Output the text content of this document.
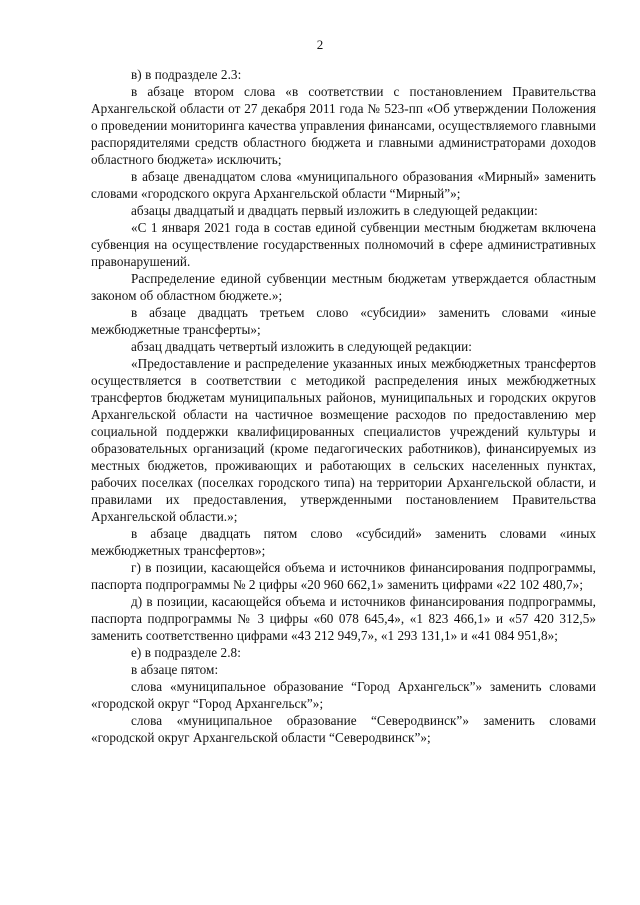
2

в) в подразделе 2.3:

в абзаце втором слова «в соответствии с постановлением Правительства Архангельской области от 27 декабря 2011 года № 523-пп «Об утверждении Положения о проведении мониторинга качества управления финансами, осуществляемого главными распорядителями средств областного бюджета и главными администраторами доходов областного бюджета» исключить;

в абзаце двенадцатом слова «муниципального образования «Мирный» заменить словами «городского округа Архангельской области “Мирный”»;

абзацы двадцатый и двадцать первый изложить в следующей редакции:

«С 1 января 2021 года в состав единой субвенции местным бюджетам включена субвенция на осуществление государственных полномочий в сфере административных правонарушений.

Распределение единой субвенции местным бюджетам утверждается областным законом об областном бюджете.»;

в абзаце двадцать третьем слово «субсидии» заменить словами «иные межбюджетные трансферты»;

абзац двадцать четвертый изложить в следующей редакции:

«Предоставление и распределение указанных иных межбюджетных трансфертов осуществляется в соответствии с методикой распределения иных межбюджетных трансфертов бюджетам муниципальных районов, муниципальных и городских округов Архангельской области на частичное возмещение расходов по предоставлению мер социальной поддержки квалифицированных специалистов учреждений культуры и образовательных организаций (кроме педагогических работников), финансируемых из местных бюджетов, проживающих и работающих в сельских населенных пунктах, рабочих поселках (поселках городского типа) на территории Архангельской области, и правилами их предоставления, утвержденными постановлением Правительства Архангельской области.»;

в абзаце двадцать пятом слово «субсидий» заменить словами «иных межбюджетных трансфертов»;

г) в позиции, касающейся объема и источников финансирования подпрограммы, паспорта подпрограммы № 2 цифры «20 960 662,1» заменить цифрами «22 102 480,7»;

д) в позиции, касающейся объема и источников финансирования подпрограммы, паспорта подпрограммы № 3 цифры «60 078 645,4», «1 823 466,1» и «57 420 312,5» заменить соответственно цифрами «43 212 949,7», «1 293 131,1» и «41 084 951,8»;

е) в подразделе 2.8:

в абзаце пятом:

слова «муниципальное образование “Город Архангельск”» заменить словами «городской округ “Город Архангельск”»;

слова «муниципальное образование “Северодвинск”» заменить словами «городской округ Архангельской области “Северодвинск”»;
